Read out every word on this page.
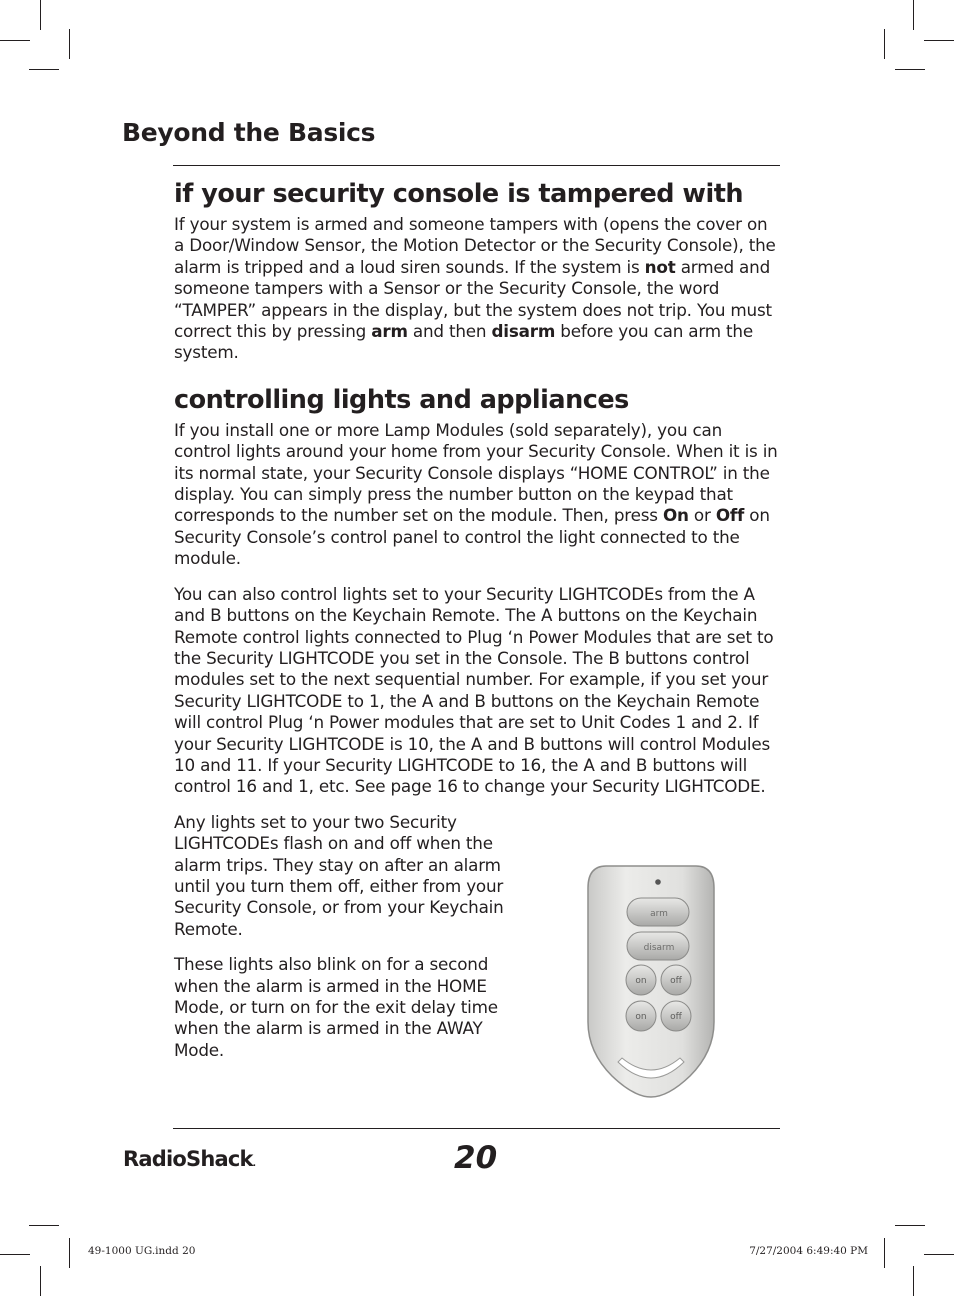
Beyond the Basics
if your security console is tampered with

If your system is armed and someone tampers with (opens the cover on a Door/Window Sensor, the Motion Detector or the Security Console), the alarm is tripped and a loud siren sounds. If the system is not armed and someone tampers with a Sensor or the Security Console, the word “TAMPER” appears in the display, but the system does not trip. You must correct this by pressing arm and then disarm before you can arm the system.

controlling lights and appliances

If you install one or more Lamp Modules (sold separately), you can control lights around your home from your Security Console. When it is in its normal state, your Security Console displays “HOME CONTROL” in the display. You can simply press the number button on the keypad that corresponds to the number set on the module. Then, press On or Off on Security Console’s control panel to control the light connected to the module.

You can also control lights set to your Security LIGHTCODEs from the A and B buttons on the Keychain Remote. The A buttons on the Keychain Remote control lights connected to Plug ‘n Power Modules that are set to the Security LIGHTCODE you set in the Console. The B buttons control modules set to the next sequential number. For example, if you set your Security LIGHTCODE to 1, the A and B buttons on the Keychain Remote will control Plug ‘n Power modules that are set to Unit Codes 1 and 2. If your Security LIGHTCODE is 10, the A and B buttons will control Modules 10 and 11. If your Security LIGHTCODE to 16, the A and B buttons will control 16 and 1, etc. See page 16 to change your Security LIGHTCODE.

Any lights set to your two Security LIGHTCODEs flash on and off when the alarm trips. They stay on after an alarm until you turn them off, either from your Security Console, or from your Keychain Remote.

These lights also blink on for a second when the alarm is armed in the HOME Mode, or turn on for the exit delay time when the alarm is armed in the AWAY Mode.

arm
disarm
on	off
on	off
RadioShack.	20
49-1000 UG.indd 20	7/27/2004 6:49:40 PM
